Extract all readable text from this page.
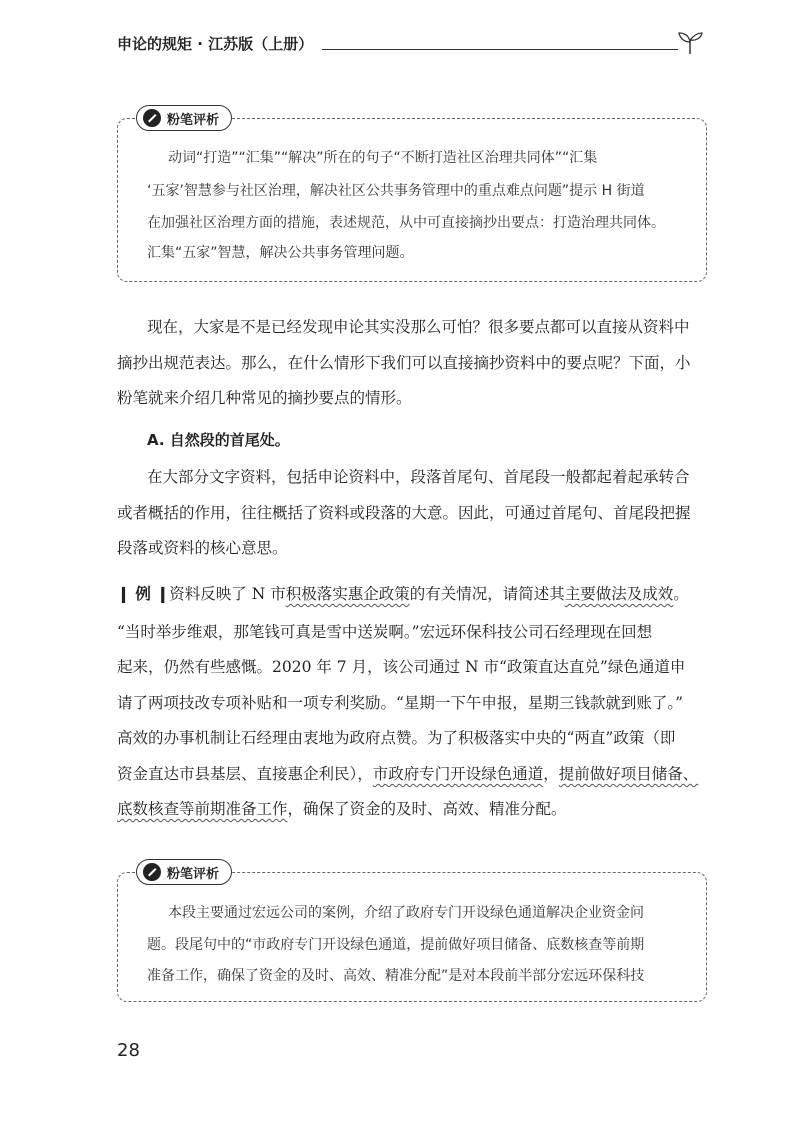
申论的规矩 · 江苏版（上册）
粉笔评析
动词“打造”“汇集”“解决”所在的句子“不断打造社区治理共同体”“汇集
‘五家’智慧参与社区治理，解决社区公共事务管理中的重点难点问题”提示 H 街道
在加强社区治理方面的措施，表述规范，从中可直接摘抄出要点：打造治理共同体。
汇集“五家”智慧，解决公共事务管理问题。
现在，大家是不是已经发现申论其实没那么可怕？很多要点都可以直接从资料中
摘抄出规范表达。那么，在什么情形下我们可以直接摘抄资料中的要点呢？下面，小
粉笔就来介绍几种常见的摘抄要点的情形。
A. 自然段的首尾处。
在大部分文字资料，包括申论资料中，段落首尾句、首尾段一般都起着起承转合
或者概括的作用，往往概括了资料或段落的大意。因此，可通过首尾句、首尾段把握
段落或资料的核心意思。
❙ 例 ❙资料反映了 N 市积极落实惠企政策的有关情况，请简述其主要做法及成效。
“当时举步维艰，那笔钱可真是雪中送炭啊。”宏远环保科技公司石经理现在回想
起来，仍然有些感慨。2020 年 7 月，该公司通过 N 市“政策直达直兑”绿色通道申
请了两项技改专项补贴和一项专利奖励。“星期一下午申报，星期三钱款就到账了。”
高效的办事机制让石经理由衷地为政府点赞。为了积极落实中央的“两直”政策（即
资金直达市县基层、直接惠企利民），市政府专门开设绿色通道，提前做好项目储备、
底数核查等前期准备工作，确保了资金的及时、高效、精准分配。
粉笔评析
本段主要通过宏远公司的案例，介绍了政府专门开设绿色通道解决企业资金问
题。段尾句中的“市政府专门开设绿色通道，提前做好项目储备、底数核查等前期
准备工作，确保了资金的及时、高效、精准分配”是对本段前半部分宏远环保科技
28
